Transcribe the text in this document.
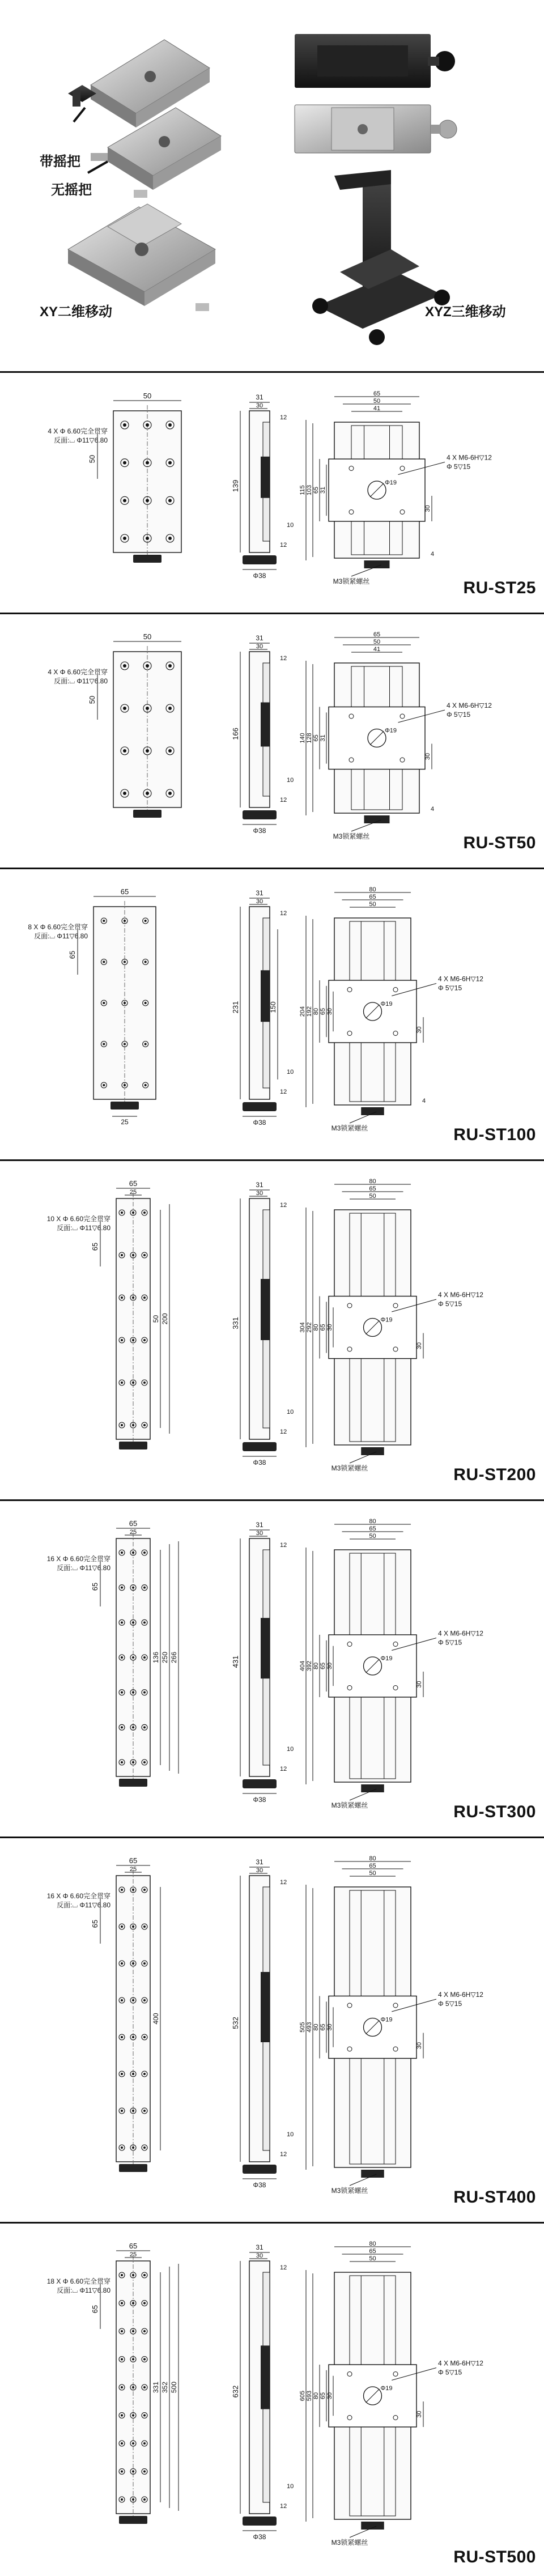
带摇把
无摇把
XY二维移动	XYZ三维移动
50
50
4 X Φ 6.60完全贯穿
反面:⌴ Φ11▽6.80
31
30
139
12
12
10
Φ38
Φ19
65
50
41
115 103 65 31
30
4
4 X M6-6H▽12
Φ 5▽15
M3锁紧螺丝	RU-ST25
50
50
4 X Φ 6.60完全贯穿
反面:⌴ Φ11▽6.80
31
30
166
12
12
10
Φ38
Φ19
65
50
41
140 128 65 31
30
4
4 X M6-6H▽12
Φ 5▽15
M3锁紧螺丝	RU-ST50
65
65
25
8 X Φ 6.60完全贯穿
反面:⌴ Φ11▽6.80
31
30
231	150
12
12
10
Φ38
Φ19
80
65
50
204 192 80 65 30
30
4
4 X M6-6H▽12
Φ 5▽15
M3锁紧螺丝	RU-ST100
65
25
65
50 200
10 X Φ 6.60完全贯穿
反面:⌴ Φ11▽6.80
31
30
331
12
12
10
Φ38
Φ19
80
65
50
304 292 80 65 30
30
4 X M6-6H▽12
Φ 5▽15
M3锁紧螺丝	RU-ST200
65
25
65
136 250 266
16 X Φ 6.60完全贯穿
反面:⌴ Φ11▽6.80
31
30
431
12
12
10
Φ38
Φ19
80
65
50
404 392 80 65 30
30
4 X M6-6H▽12
Φ 5▽15
M3锁紧螺丝	RU-ST300
65
25
65
400
16 X Φ 6.60完全贯穿
反面:⌴ Φ11▽6.80
31
30
532
12
12
10
Φ38
Φ19
80
65
50
505 493 80 65 30
30
4 X M6-6H▽12
Φ 5▽15
M3锁紧螺丝	RU-ST400
65
25
65
331 352 500
18 X Φ 6.60完全贯穿
反面:⌴ Φ11▽6.80
31
30
632
12
12
10
Φ38
Φ19
80
65
50
605 593 80 65 30
30
4 X M6-6H▽12
Φ 5▽15
M3锁紧螺丝
RU-ST500
